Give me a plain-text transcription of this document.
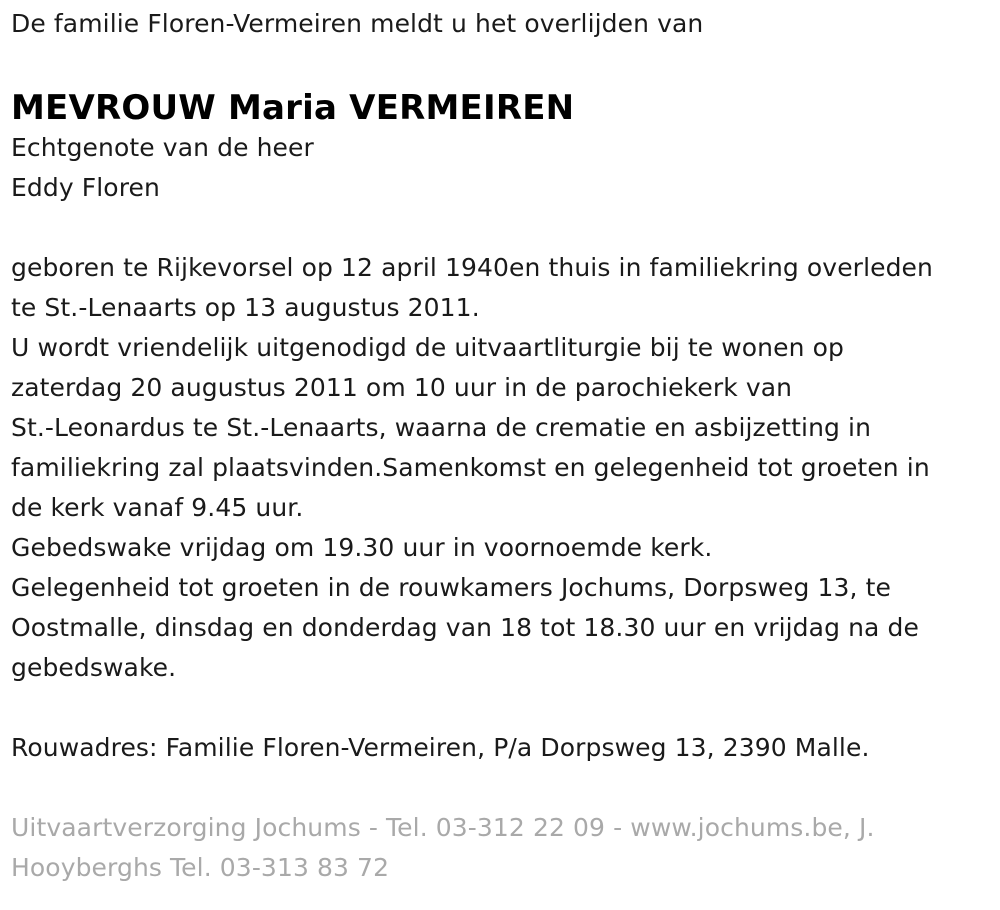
De familie Floren-Vermeiren meldt u het overlijden van
MEVROUW Maria VERMEIREN
Echtgenote van de heer
Eddy Floren
geboren te Rijkevorsel op 12 april 1940en thuis in familiekring overleden
te St.-Lenaarts op 13 augustus 2011.
U wordt vriendelijk uitgenodigd de uitvaartliturgie bij te wonen op
zaterdag 20 augustus 2011 om 10 uur in de parochiekerk van
St.-Leonardus te St.-Lenaarts, waarna de crematie en asbijzetting in
familiekring zal plaatsvinden.Samenkomst en gelegenheid tot groeten in
de kerk vanaf 9.45 uur.
Gebedswake vrijdag om 19.30 uur in voornoemde kerk.
Gelegenheid tot groeten in de rouwkamers Jochums, Dorpsweg 13, te
Oostmalle, dinsdag en donderdag van 18 tot 18.30 uur en vrijdag na de
gebedswake.
Rouwadres: Familie Floren-Vermeiren, P/a Dorpsweg 13, 2390 Malle.
Uitvaartverzorging Jochums - Tel. 03-312 22 09 - www.jochums.be, J.
Hooyberghs Tel. 03-313 83 72
